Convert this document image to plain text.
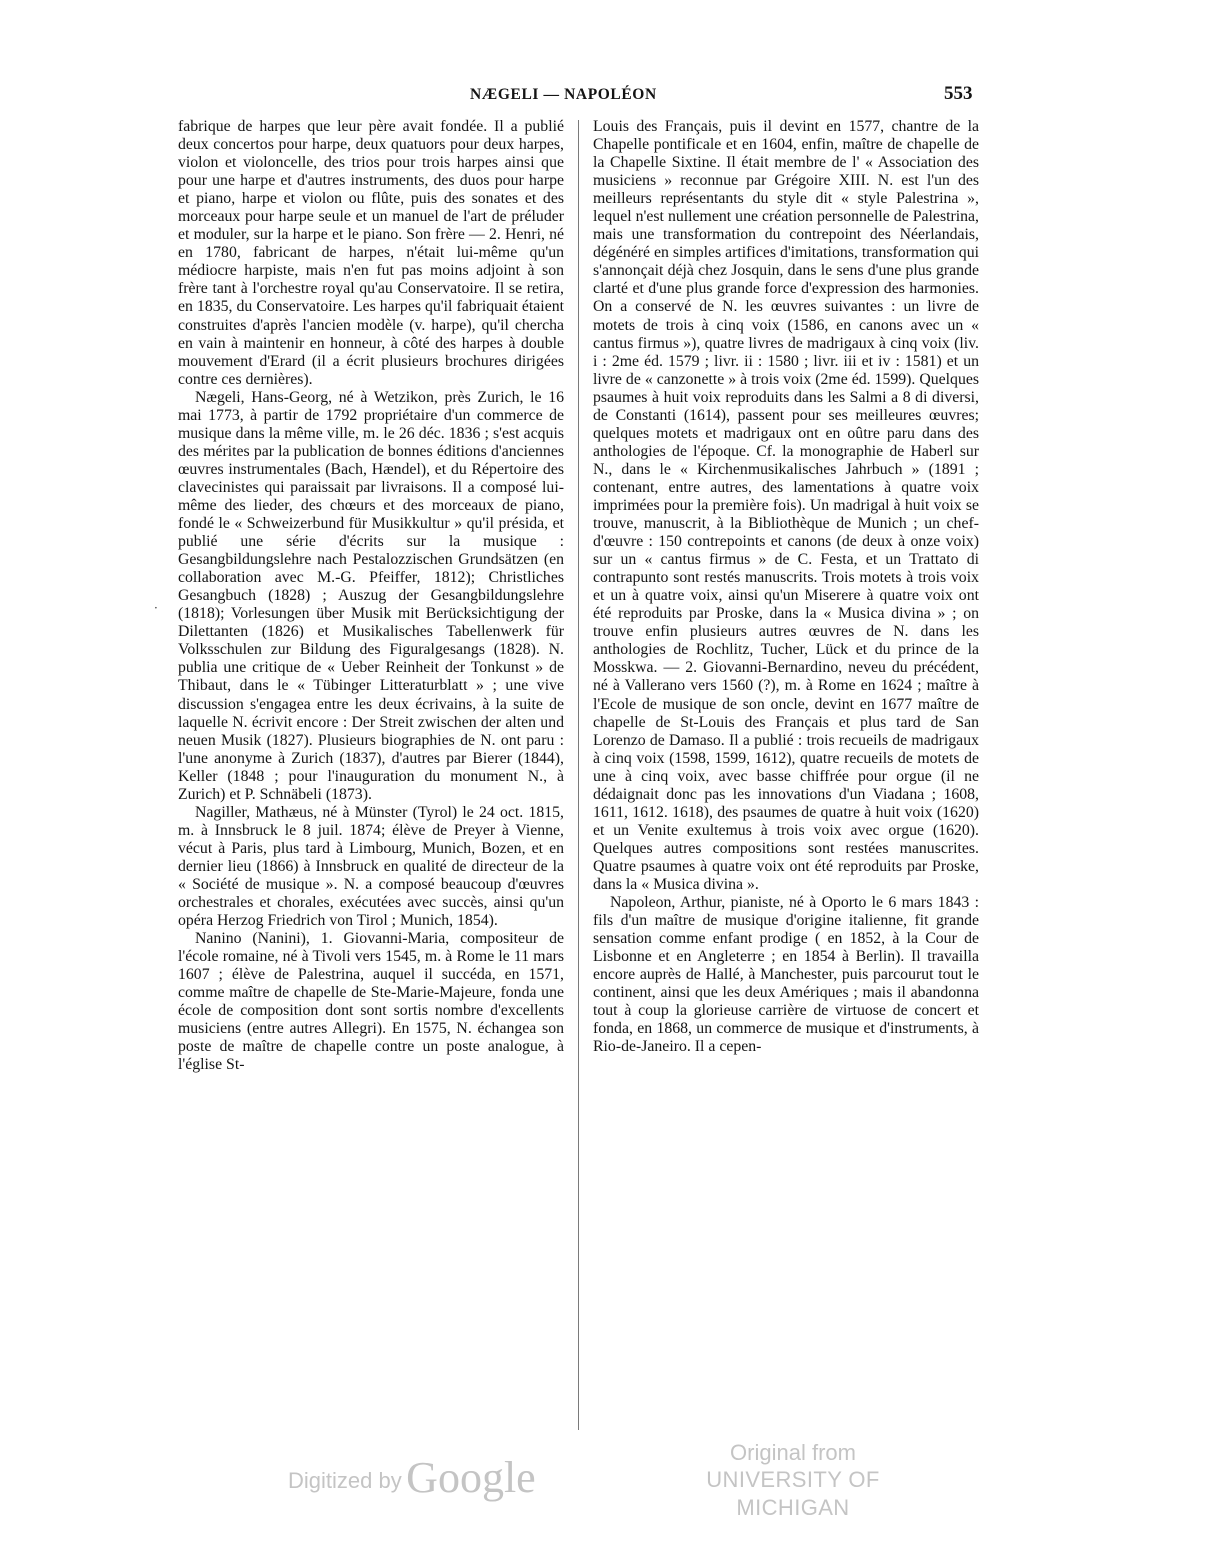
NÆGELI — NAPOLÉON	553
·

fabrique de harpes que leur père avait fondée. Il a publié deux concertos pour harpe, deux quatuors pour deux harpes, violon et violoncelle, des trios pour trois harpes ainsi que pour une harpe et d'autres instruments, des duos pour harpe et piano, harpe et violon ou flûte, puis des sonates et des morceaux pour harpe seule et un manuel de l'art de préluder et moduler, sur la harpe et le piano. Son frère — 2. Henri, né en 1780, fabricant de harpes, n'était lui-même qu'un médiocre harpiste, mais n'en fut pas moins adjoint à son frère tant à l'orchestre royal qu'au Conservatoire. Il se retira, en 1835, du Conservatoire. Les harpes qu'il fabriquait étaient construites d'après l'ancien modèle (v. harpe), qu'il chercha en vain à maintenir en honneur, à côté des harpes à double mouvement d'Erard (il a écrit plusieurs brochures dirigées contre ces dernières).

Nægeli, Hans-Georg, né à Wetzikon, près Zurich, le 16 mai 1773, à partir de 1792 propriétaire d'un commerce de musique dans la même ville, m. le 26 déc. 1836 ; s'est acquis des mérites par la publication de bonnes éditions d'anciennes œuvres instrumentales (Bach, Hændel), et du Répertoire des clavecinistes qui paraissait par livraisons. Il a composé lui-même des lieder, des chœurs et des morceaux de piano, fondé le « Schweizerbund für Musikkultur » qu'il présida, et publié une série d'écrits sur la musique : Gesangbildungslehre nach Pestalozzischen Grundsätzen (en collaboration avec M.-G. Pfeiffer, 1812); Christliches Gesangbuch (1828) ; Auszug der Gesangbildungslehre (1818); Vorlesungen über Musik mit Berücksichtigung der Dilettanten (1826) et Musikalisches Tabellenwerk für Volksschulen zur Bildung des Figuralgesangs (1828). N. publia une critique de « Ueber Reinheit der Tonkunst » de Thibaut, dans le « Tübinger Litteraturblatt » ; une vive discussion s'engagea entre les deux écrivains, à la suite de laquelle N. écrivit encore : Der Streit zwischen der alten und neuen Musik (1827). Plusieurs biographies de N. ont paru : l'une anonyme à Zurich (1837), d'autres par Bierer (1844), Keller (1848 ; pour l'inauguration du monument N., à Zurich) et P. Schnäbeli (1873).

Nagiller, Mathæus, né à Münster (Tyrol) le 24 oct. 1815, m. à Innsbruck le 8 juil. 1874; élève de Preyer à Vienne, vécut à Paris, plus tard à Limbourg, Munich, Bozen, et en dernier lieu (1866) à Innsbruck en qualité de directeur de la « Société de musique ». N. a composé beaucoup d'œuvres orchestrales et chorales, exécutées avec succès, ainsi qu'un opéra Herzog Friedrich von Tirol ; Munich, 1854).

Nanino (Nanini), 1. Giovanni-Maria, compositeur de l'école romaine, né à Tivoli vers 1545, m. à Rome le 11 mars 1607 ; élève de Palestrina, auquel il succéda, en 1571, comme maître de chapelle de Ste-Marie-Majeure, fonda une école de composition dont sont sortis nombre d'excellents musiciens (entre autres Allegri). En 1575, N. échangea son poste de maître de chapelle contre un poste analogue, à l'église St-

Louis des Français, puis il devint en 1577, chantre de la Chapelle pontificale et en 1604, enfin, maître de chapelle de la Chapelle Sixtine. Il était membre de l' « Association des musiciens » reconnue par Grégoire XIII. N. est l'un des meilleurs représentants du style dit « style Palestrina », lequel n'est nullement une création personnelle de Palestrina, mais une transformation du contrepoint des Néerlandais, dégénéré en simples artifices d'imitations, transformation qui s'annonçait déjà chez Josquin, dans le sens d'une plus grande clarté et d'une plus grande force d'expression des harmonies. On a conservé de N. les œuvres suivantes : un livre de motets de trois à cinq voix (1586, en canons avec un « cantus firmus »), quatre livres de madrigaux à cinq voix (liv. i : 2me éd. 1579 ; livr. ii : 1580 ; livr. iii et iv : 1581) et un livre de « canzonette » à trois voix (2me éd. 1599). Quelques psaumes à huit voix reproduits dans les Salmi a 8 di diversi, de Constanti (1614), passent pour ses meilleures œuvres; quelques motets et madrigaux ont en oûtre paru dans des anthologies de l'époque. Cf. la monographie de Haberl sur N., dans le « Kirchenmusikalisches Jahrbuch » (1891 ; contenant, entre autres, des lamentations à quatre voix imprimées pour la première fois). Un madrigal à huit voix se trouve, manuscrit, à la Bibliothèque de Munich ; un chef-d'œuvre : 150 contrepoints et canons (de deux à onze voix) sur un « cantus firmus » de C. Festa, et un Trattato di contrapunto sont restés manuscrits. Trois motets à trois voix et un à quatre voix, ainsi qu'un Miserere à quatre voix ont été reproduits par Proske, dans la « Musica divina » ; on trouve enfin plusieurs autres œuvres de N. dans les anthologies de Rochlitz, Tucher, Lück et du prince de la Mosskwa. — 2. Giovanni-Bernardino, neveu du précédent, né à Vallerano vers 1560 (?), m. à Rome en 1624 ; maître à l'Ecole de musique de son oncle, devint en 1677 maître de chapelle de St-Louis des Français et plus tard de San Lorenzo de Damaso. Il a publié : trois recueils de madrigaux à cinq voix (1598, 1599, 1612), quatre recueils de motets de une à cinq voix, avec basse chiffrée pour orgue (il ne dédaignait donc pas les innovations d'un Viadana ; 1608, 1611, 1612. 1618), des psaumes de quatre à huit voix (1620) et un Venite exultemus à trois voix avec orgue (1620). Quelques autres compositions sont restées manuscrites. Quatre psaumes à quatre voix ont été reproduits par Proske, dans la « Musica divina ».

Napoleon, Arthur, pianiste, né à Oporto le 6 mars 1843 : fils d'un maître de musique d'origine italienne, fit grande sensation comme enfant prodige ( en 1852, à la Cour de Lisbonne et en Angleterre ; en 1854 à Berlin). Il travailla encore auprès de Hallé, à Manchester, puis parcourut tout le continent, ainsi que les deux Amériques ; mais il abandonna tout à coup la glorieuse carrière de virtuose de concert et fonda, en 1868, un commerce de musique et d'instruments, à Rio-de-Janeiro. Il a cepen-

Digitized by Google
Original from
UNIVERSITY OF MICHIGAN
